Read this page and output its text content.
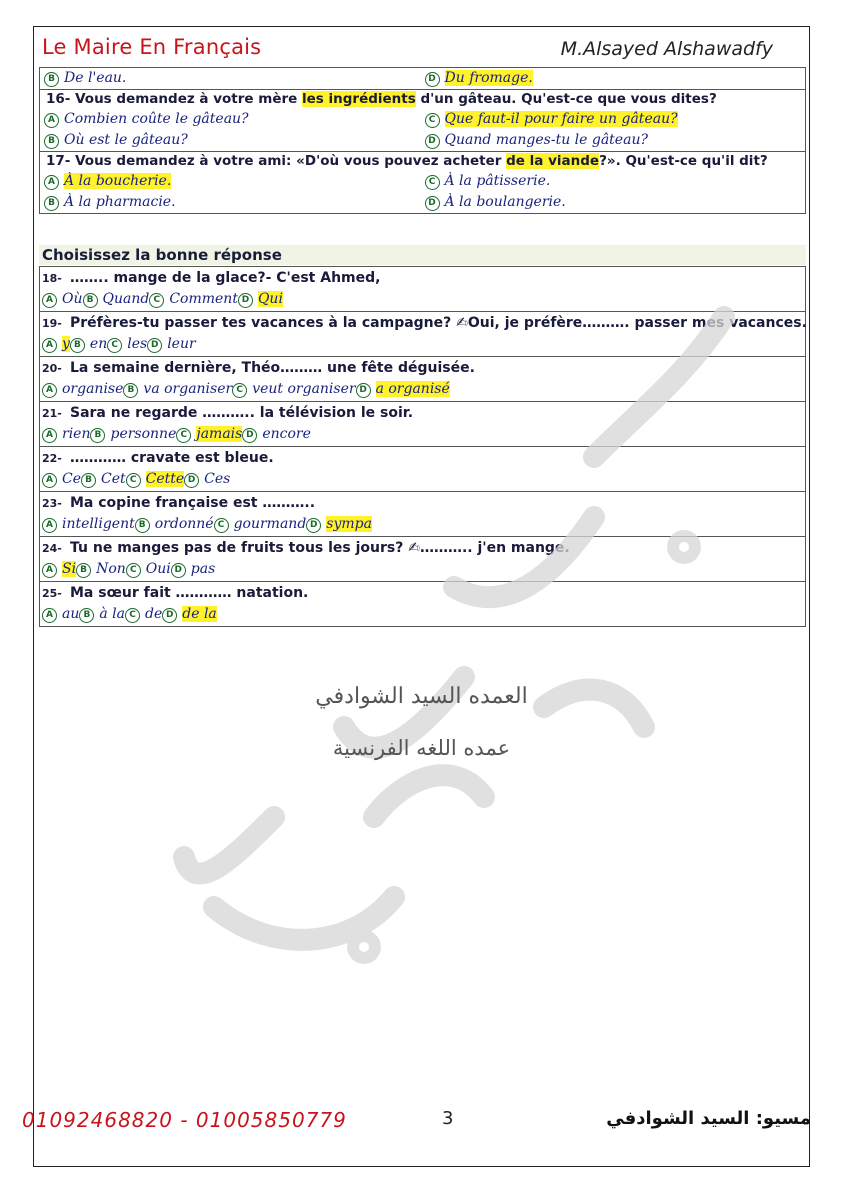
Le Maire En Français	M.Alsayed Alshawadfy
B De l'eau.	D Du fromage.

16- Vous demandez à votre mère les ingrédients d'un gâteau. Qu'est-ce que vous dites?
A Combien coûte le gâteau?	C Que faut-il pour faire un gâteau?
B Où est le gâteau?	D Quand manges-tu le gâteau?

17- Vous demandez à votre ami: «D'où vous pouvez acheter de la viande?». Qu'est-ce qu'il dit?
A À la boucherie.	C À la pâtisserie.
B À la pharmacie.	D À la boulangerie.
Choisissez la bonne réponse
18- …….. mange de la glace?- C'est Ahmed,
A Où B Quand C Comment D Qui

19- Préfères-tu passer tes vacances à la campagne? ✍Oui, je préfère………. passer mes vacances.
A y B en C les D leur

20- La semaine dernière, Théo……… une fête déguisée.
A organise B va organiser C veut organiser D a organisé

21- Sara ne regarde ……….. la télévision le soir.
A rien B personne C jamais D encore

22- ………… cravate est bleue.
A Ce B Cet C Cette D Ces

23- Ma copine française est ………..
A intelligent B ordonné C gourmand D sympa

24- Tu ne manges pas de fruits tous les jours? ✍……….. j'en mange.
A Si B Non C Oui D pas

25- Ma sœur fait ………… natation.
A au B à la C de D de la
العمده السيد الشوادفي
عمده اللغه الفرنسية
01092468820 - 01005850779	3	مسيو: السيد الشوادفي
